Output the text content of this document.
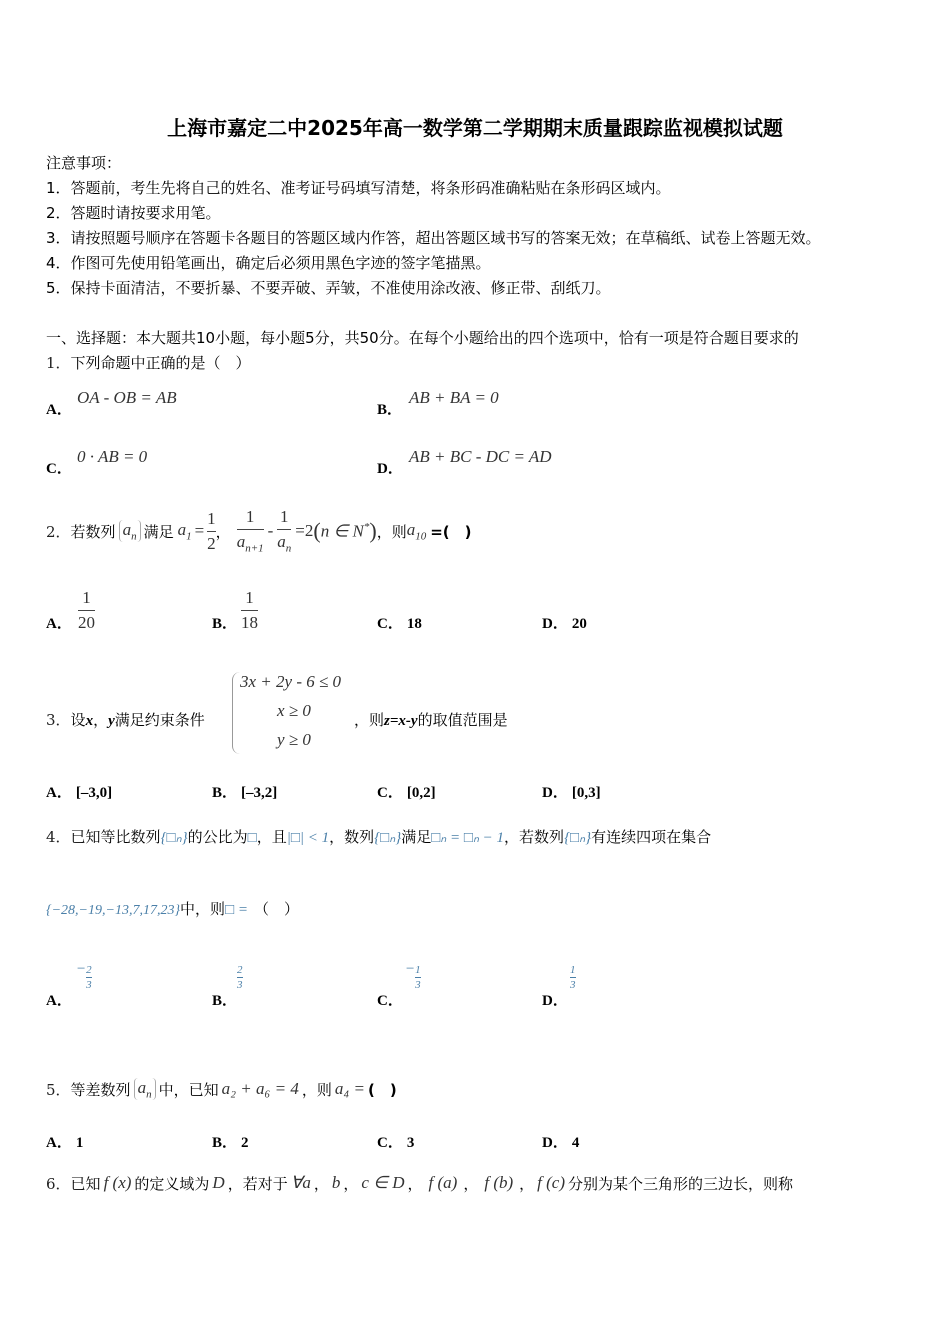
上海市嘉定二中2025年高一数学第二学期期末质量跟踪监视模拟试题
注意事项：
1．答题前，考生先将自己的姓名、准考证号码填写清楚，将条形码准确粘贴在条形码区域内。
2．答题时请按要求用笔。
3．请按照题号顺序在答题卡各题目的答题区域内作答，超出答题区域书写的答案无效；在草稿纸、试卷上答题无效。
4．作图可先使用铅笔画出，确定后必须用黑色字迹的签字笔描黑。
5．保持卡面清洁，不要折暴、不要弄破、弄皱，不准使用涂改液、修正带、刮纸刀。
一、选择题：本大题共10小题，每小题5分，共50分。在每个小题给出的四个选项中，恰有一项是符合题目要求的
1．下列命题中正确的是（　）
A．
OA - OB = AB
B．
AB + BA = 0
C．
0 · AB = 0
D．
AB + BC - DC = AD
2． 若数列 $a_n$ 满足 $a_1 = \frac{1}{2}$ ， $\frac{1}{a_{n+1}} - \frac{1}{a_n} =2$ ( n ∈ N* ) ，则 $a_{10}$ =(　)
A． $\frac{1}{20}$	B． $\frac{1}{18}$	C． 18	D． 20
3．设x，y满足约束条件
3x + 2y - 6 ≤ 0
x ≥ 0
y ≥ 0
，则z=x-y的取值范围是
A． [–3,0]	B． [–3,2]	C． [0,2]	D． [0,3]
4．已知等比数列{□ₙ}的公比为□，且|□| < 1，数列{□ₙ}满足□ₙ = □ₙ − 1，若数列{□ₙ}有连续四项在集合
{−28,−19,−13,7,17,23}中，则□ = （　）
A．
− $\frac{2}{3}$
B．
$\frac{2}{3}$
C．
− $\frac{1}{3}$
D．
$\frac{1}{3}$
5． 等差数列 $a_n$ 中，已知 a₂ + a₆ = 4 ，则 a₄ = (　)
A． 1	B． 2	C． 3	D． 4
6． 已知 f (x) 的定义域为 D ，若对于 ∀a ， b ， c ∈ D ， f (a) ， f (b) ， f (c) 分别为某个三角形的三边长，则称
